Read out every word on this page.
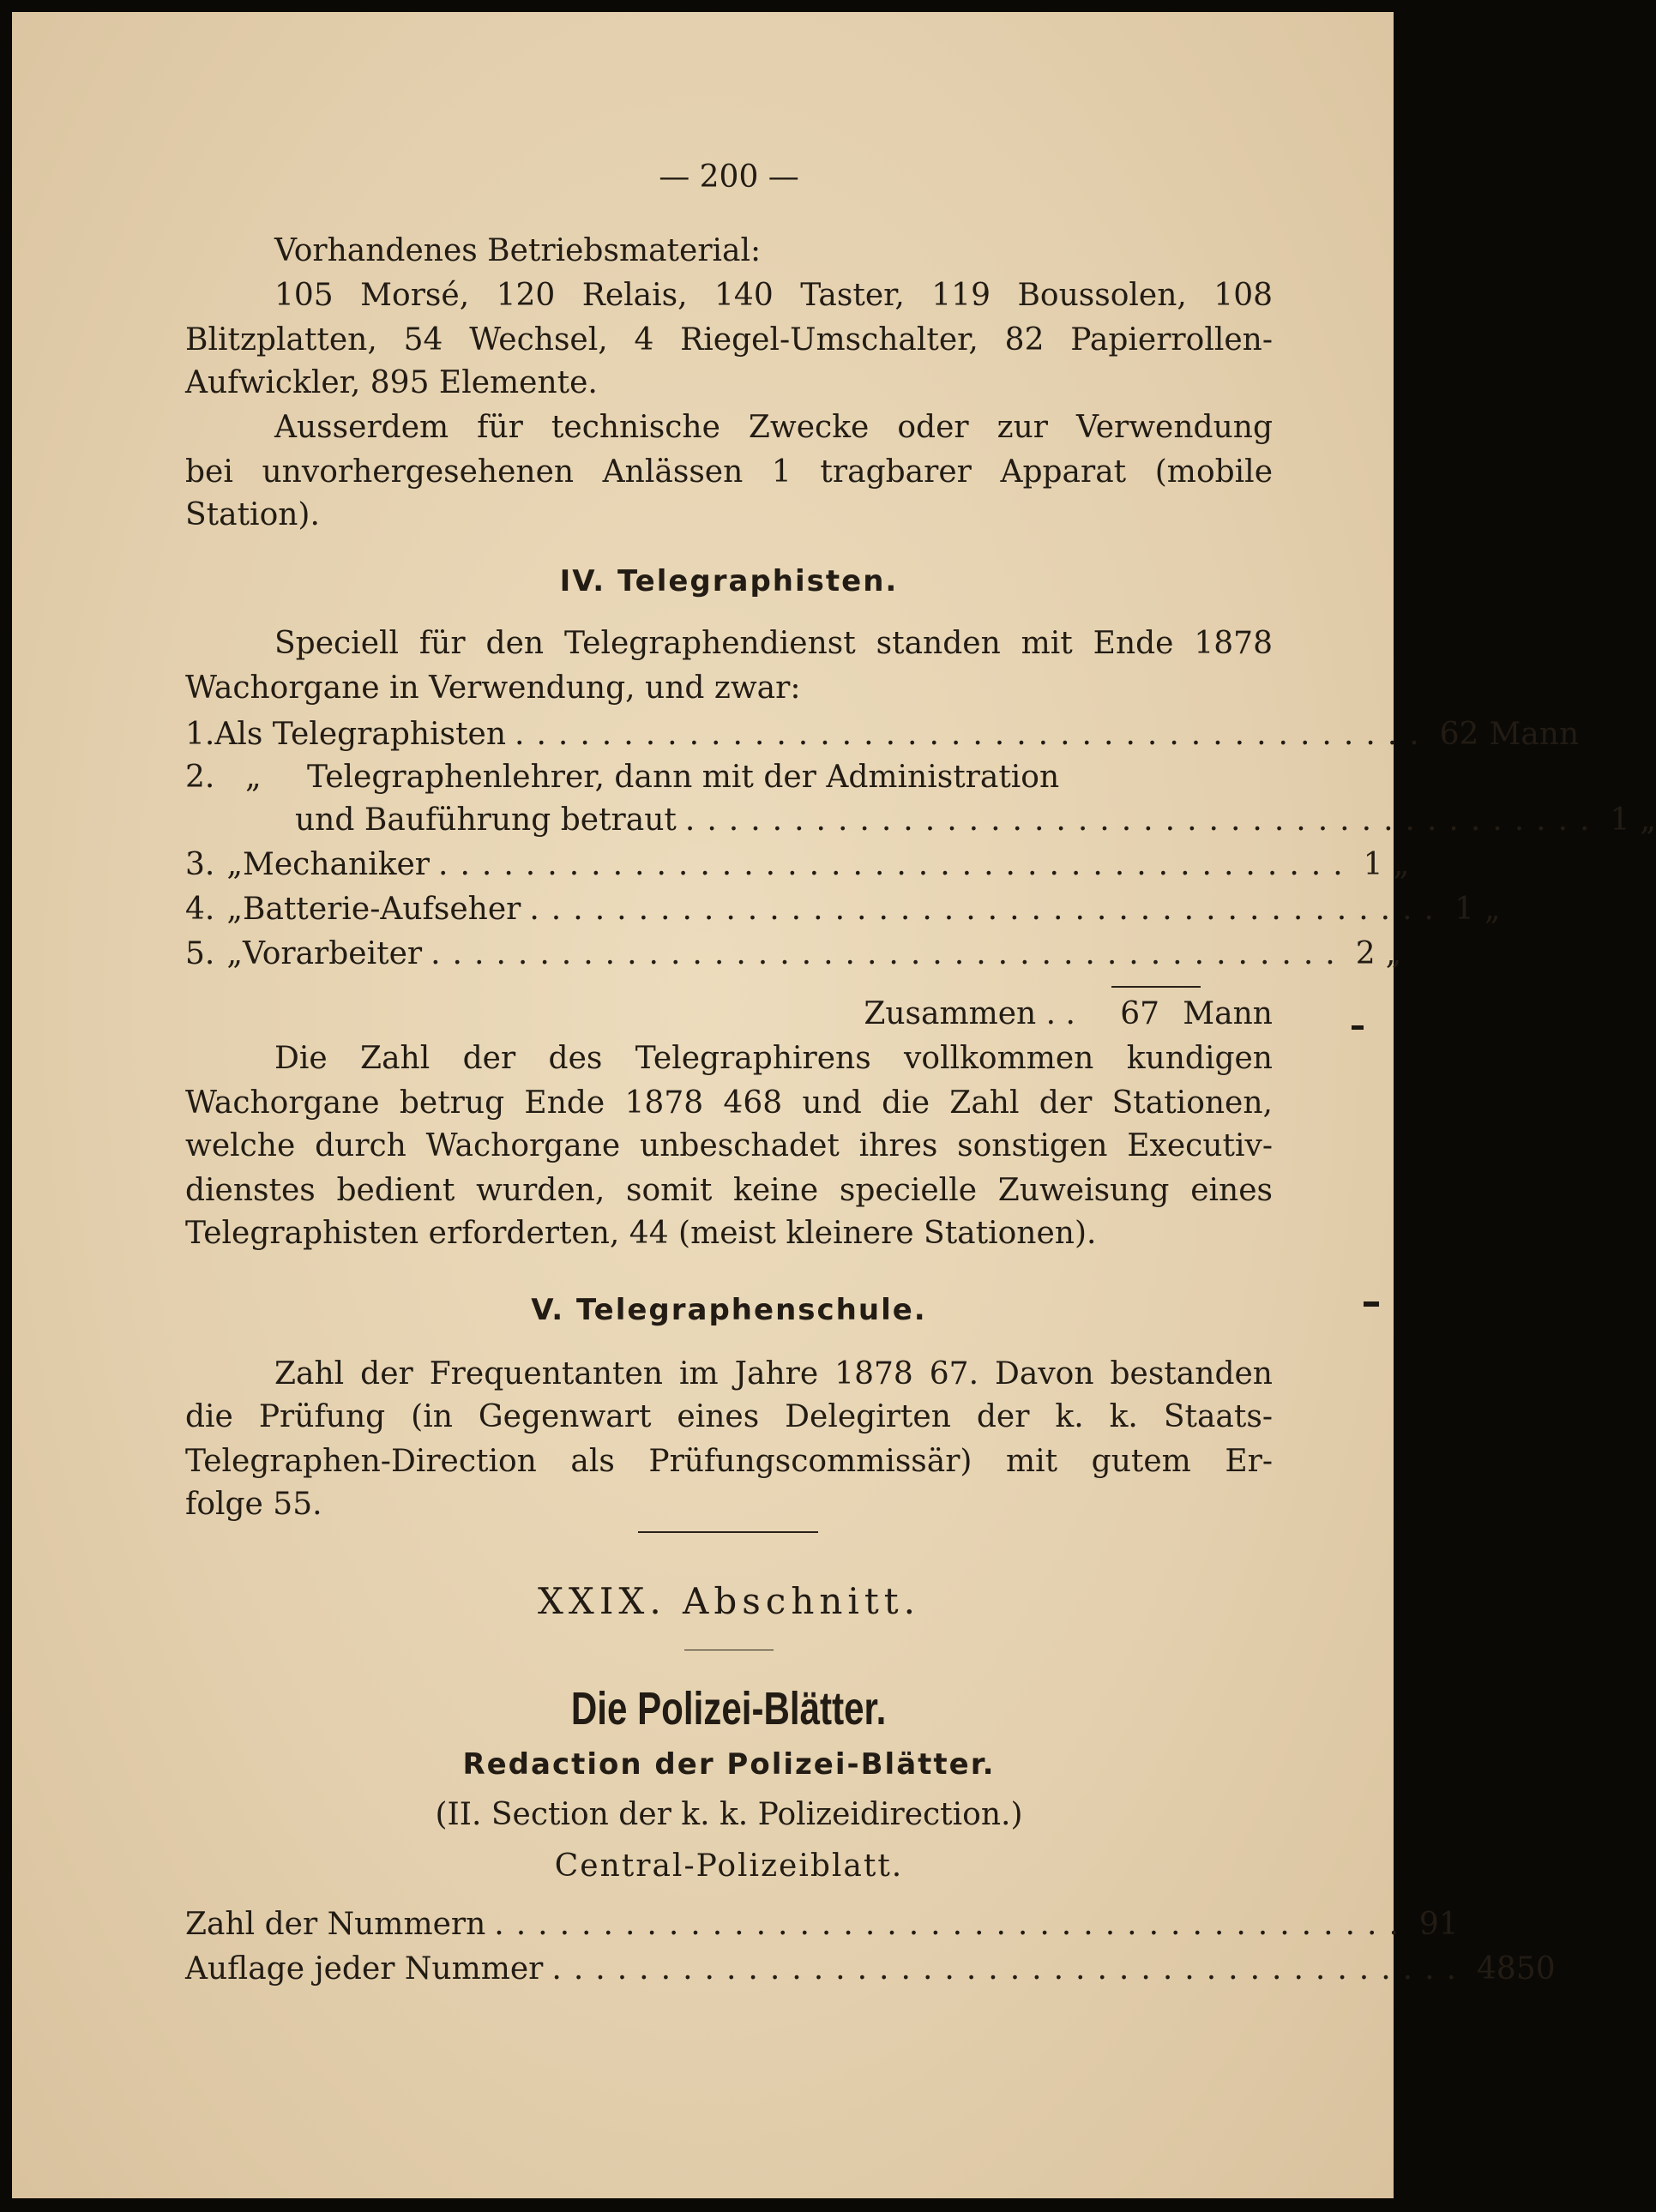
— 200 —
Vorhandenes Betriebsmaterial:
105 Morsé, 120 Relais, 140 Taster, 119 Boussolen, 108
Blitzplatten, 54 Wechsel, 4 Riegel-Umschalter, 82 Papierrollen-
Aufwickler, 895 Elemente.
Ausserdem für technische Zwecke oder zur Verwendung
bei unvorhergesehenen Anlässen 1 tragbarer Apparat (mobile
Station).
IV. Telegraphisten.
Speciell für den Telegraphendienst standen mit Ende 1878
Wachorgane in Verwendung, und zwar:
1. Als Telegraphisten .......................................... 62 Mann
2. „	Telegraphenlehrer, dann mit der Administration
und Bauführung betraut .......................................... 1 „
3. „ Mechaniker .......................................... 1 „
4. „ Batterie-Aufseher .......................................... 1 „
5. „ Vorarbeiter .......................................... 2 „
Zusammen . .	67 Mann
Die Zahl der des Telegraphirens vollkommen kundigen
Wachorgane betrug Ende 1878 468 und die Zahl der Stationen,
welche durch Wachorgane unbeschadet ihres sonstigen Executiv-
dienstes bedient wurden, somit keine specielle Zuweisung eines
Telegraphisten erforderten, 44 (meist kleinere Stationen).
V. Telegraphenschule.
Zahl der Frequentanten im Jahre 1878 67. Davon bestanden
die Prüfung (in Gegenwart eines Delegirten der k. k. Staats-
Telegraphen-Direction als Prüfungscommissär) mit gutem Er-
folge 55.
XXIX. Abschnitt.
Die Polizei-Blätter.
Redaction der Polizei-Blätter.
(II. Section der k. k. Polizeidirection.)
Central-Polizeiblatt.
Zahl der Nummern .......................................... 91
Auflage jeder Nummer .......................................... 4850
